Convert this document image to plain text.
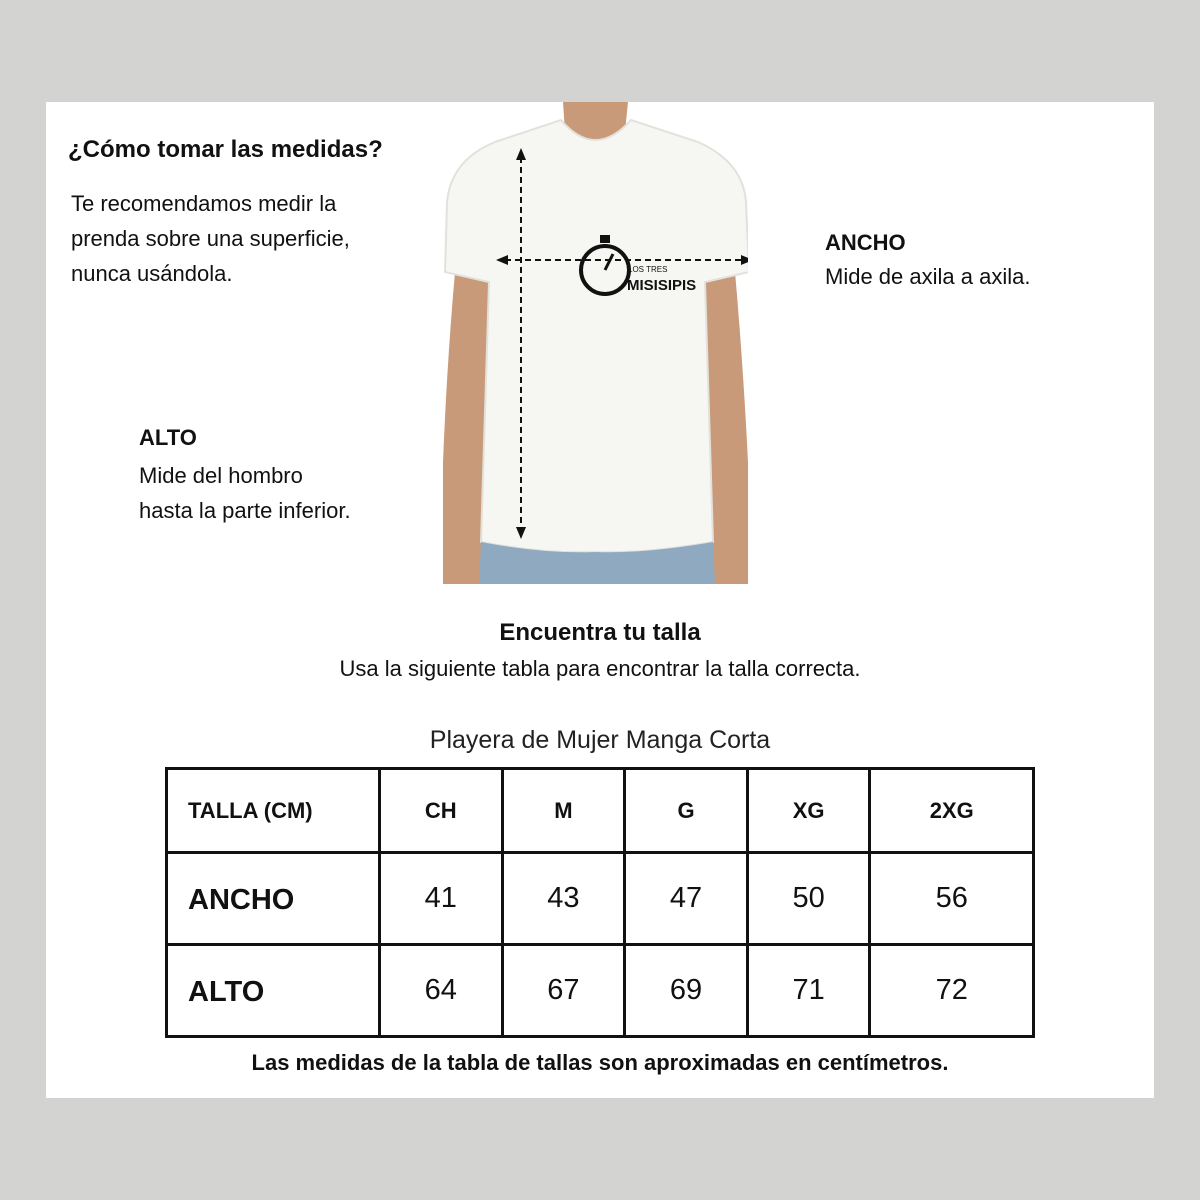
¿Cómo tomar las medidas?
Te recomendamos medir la
prenda sobre una superficie,
nunca usándola.
ALTO
Mide del hombro
hasta la parte inferior.
ANCHO
Mide de axila a axila.
LOS TRES
MISISIPIS
Encuentra tu talla
Usa la siguiente tabla para encontrar la talla correcta.
Playera de Mujer Manga Corta
TALLA (CM)	CH	M	G	XG	2XG
ANCHO	41	43	47	50	56
ALTO	64	67	69	71	72
Las medidas de la tabla de tallas son aproximadas en centímetros.
